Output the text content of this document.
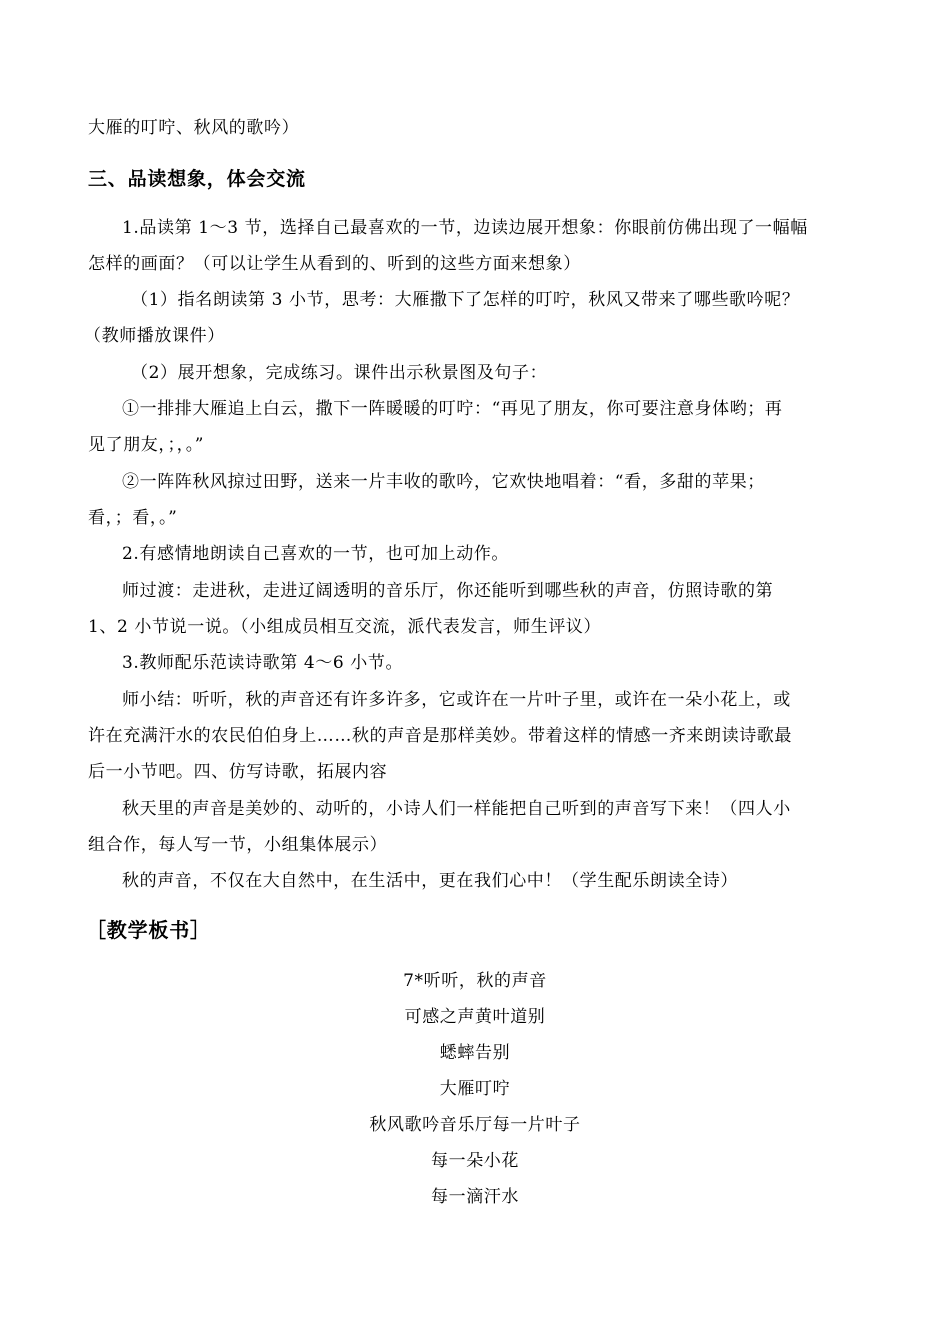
大雁的叮咛、秋风的歌吟）
三、品读想象，体会交流
1.品读第 1～3 节，选择自己最喜欢的一节，边读边展开想象：你眼前仿佛出现了一幅幅
怎样的画面？（可以让学生从看到的、听到的这些方面来想象）
（1）指名朗读第 3 小节，思考：大雁撒下了怎样的叮咛，秋风又带来了哪些歌吟呢？
（教师播放课件）
（2）展开想象，完成练习。课件出示秋景图及句子：
①一排排大雁追上白云，撒下一阵暖暖的叮咛：“再见了朋友，你可要注意身体哟；再
见了朋友，；，。”
②一阵阵秋风掠过田野，送来一片丰收的歌吟，它欢快地唱着：“看，多甜的苹果；
看，；看，。”
2.有感情地朗读自己喜欢的一节，也可加上动作。
师过渡：走进秋，走进辽阔透明的音乐厅，你还能听到哪些秋的声音，仿照诗歌的第
1、2 小节说一说。（小组成员相互交流，派代表发言，师生评议）
3.教师配乐范读诗歌第 4～6 小节。
师小结：听听，秋的声音还有许多许多，它或许在一片叶子里，或许在一朵小花上，或
许在充满汗水的农民伯伯身上……秋的声音是那样美妙。带着这样的情感一齐来朗读诗歌最
后一小节吧。四、仿写诗歌，拓展内容
秋天里的声音是美妙的、动听的，小诗人们一样能把自己听到的声音写下来！（四人小
组合作，每人写一节，小组集体展示）
秋的声音，不仅在大自然中，在生活中，更在我们心中！（学生配乐朗读全诗）
［教学板书］
7*听听，秋的声音
可感之声黄叶道别
蟋蟀告别
大雁叮咛
秋风歌吟音乐厅每一片叶子
每一朵小花
每一滴汗水
